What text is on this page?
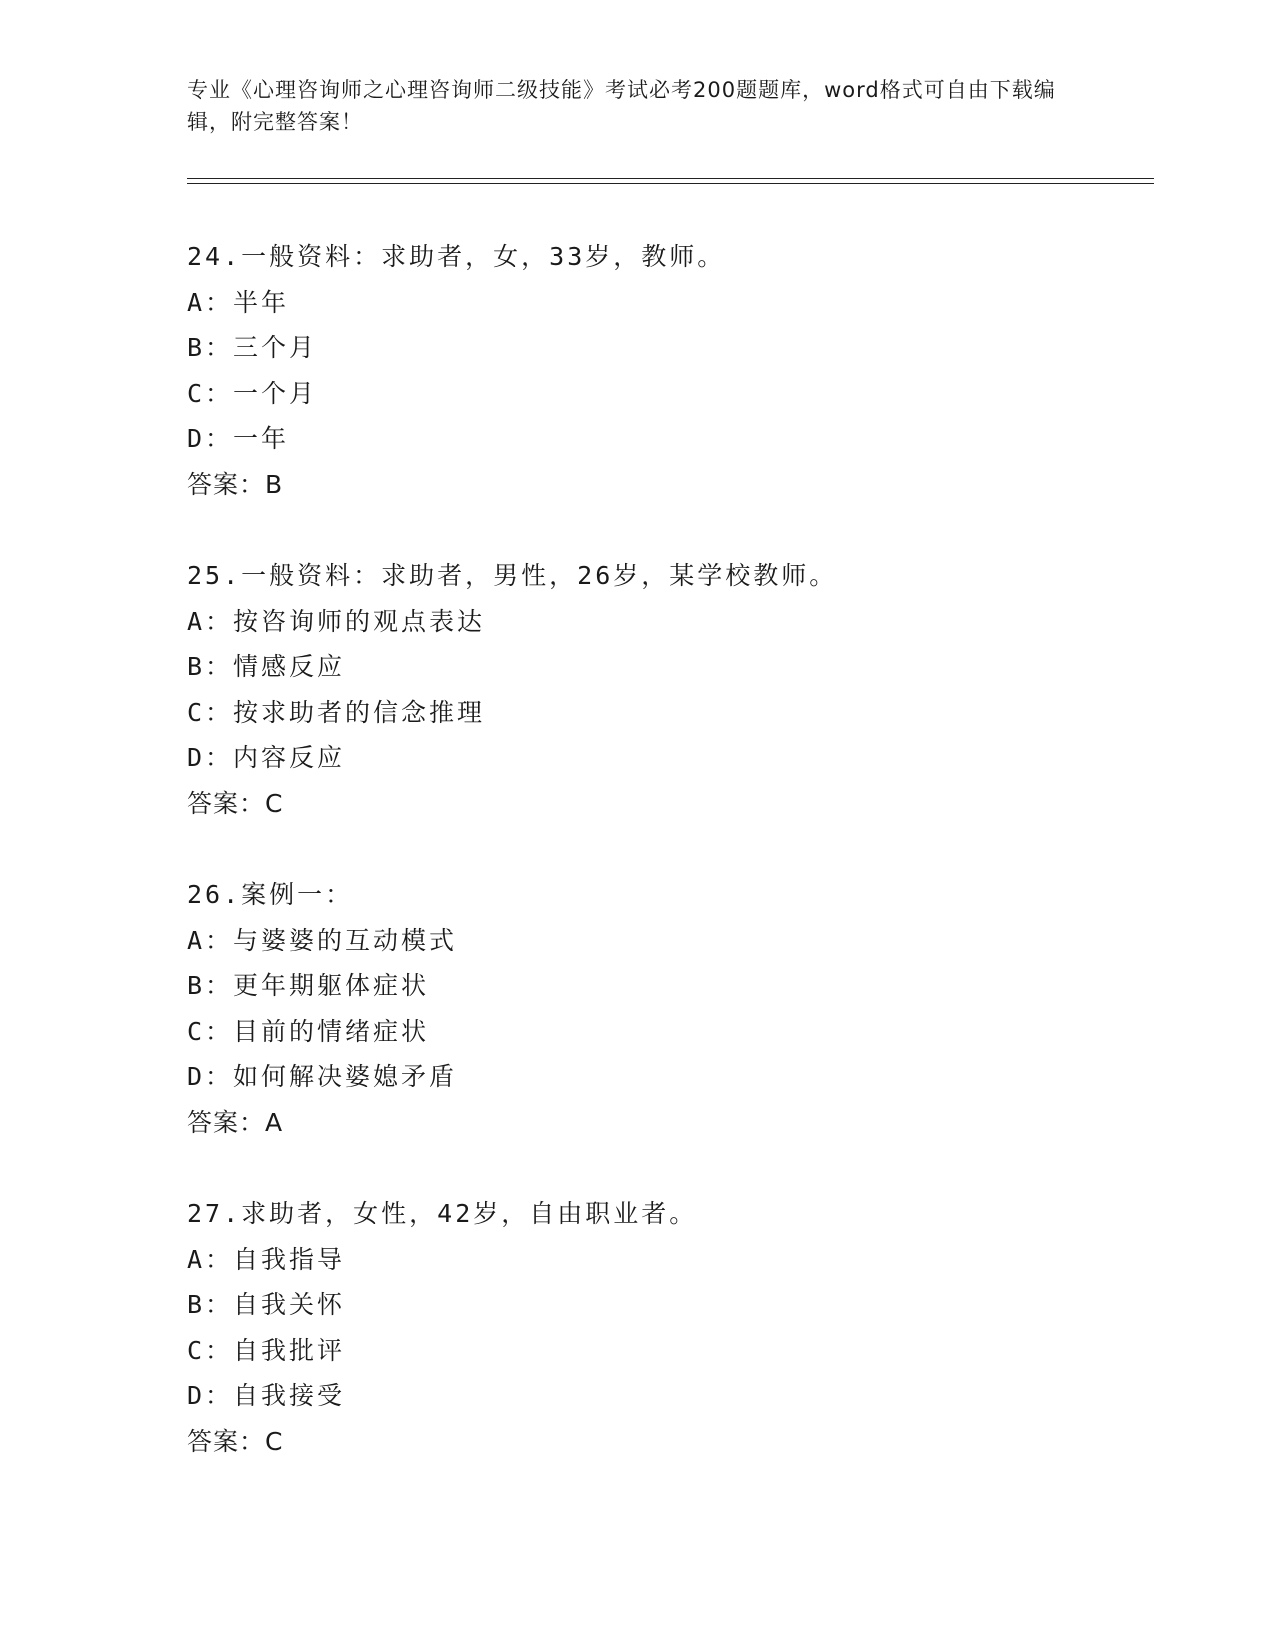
专业《心理咨询师之心理咨询师二级技能》考试必考200题题库，word格式可自由下载编辑，附完整答案！
24.一般资料：求助者，女，33岁，教师。
A：半年
B：三个月
C：一个月
D：一年
答案：B
25.一般资料：求助者，男性，26岁，某学校教师。
A：按咨询师的观点表达
B：情感反应
C：按求助者的信念推理
D：内容反应
答案：C
26.案例一：
A：与婆婆的互动模式
B：更年期躯体症状
C：目前的情绪症状
D：如何解决婆媳矛盾
答案：A
27.求助者，女性，42岁，自由职业者。
A：自我指导
B：自我关怀
C：自我批评
D：自我接受
答案：C
